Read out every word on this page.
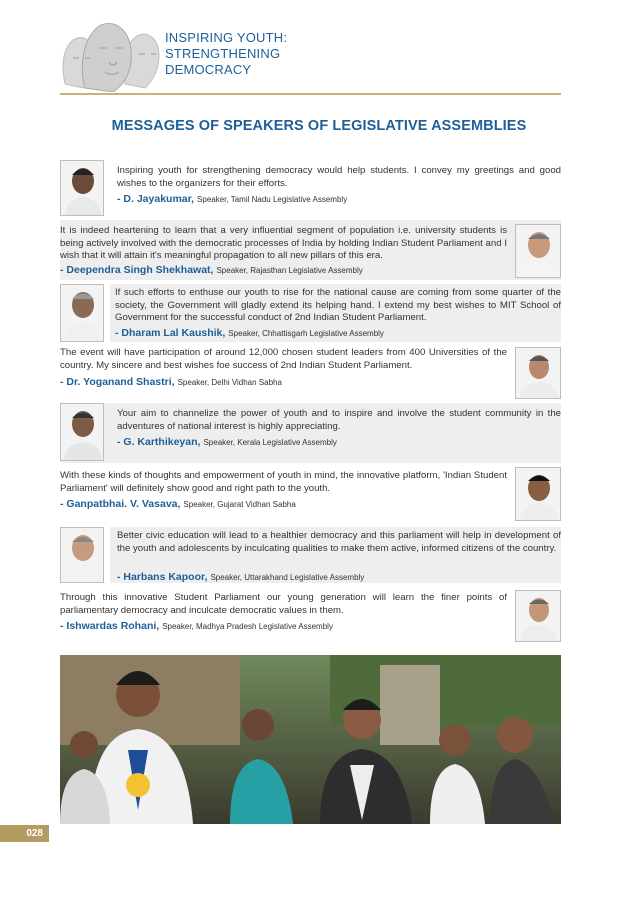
INSPIRING YOUTH:
STRENGTHENING
DEMOCRACY
MESSAGES OF SPEAKERS OF LEGISLATIVE ASSEMBLIES
Inspiring youth for strengthening democracy would help students. I convey my greetings and good wishes to the organizers for their efforts.
- D. Jayakumar, Speaker, Tamil Nadu Legislative Assembly
It is indeed heartening to learn that a very influential segment of population i.e. university students is being actively involved with the democratic processes of India by holding Indian Student Parliament and I wish that it will attain it's meaningful propagation to all new pillars of this era.
- Deependra Singh Shekhawat, Speaker, Rajasthan Legislative Assembly
If such efforts to enthuse our youth to rise for the national cause are coming from some quarter of the society, the Government will gladly extend its helping hand. I extend my best wishes to MIT School of Government for the successful conduct of 2nd Indian Student Parliament.
- Dharam Lal Kaushik, Speaker, Chhattisgarh Legislative Assembly
The event will have participation of around 12,000 chosen student leaders from 400 Universities of the country. My sincere and best wishes foe success of 2nd Indian Student Parliament.
- Dr. Yoganand Shastri, Speaker, Delhi Vidhan Sabha
Your aim to channelize the power of youth and to inspire and involve the student community in the adventures of national interest is highly appreciating.
- G. Karthikeyan, Speaker, Kerala Legislative Assembly
With these kinds of thoughts and empowerment of youth in mind, the innovative platform, 'Indian Student Parliament' will definitely show good and right path to the youth.
- Ganpatbhai. V. Vasava, Speaker, Gujarat Vidhan Sabha
Better civic education will lead to a healthier democracy and this parliament will help in development of the youth and adolescents by inculcating qualities to make them active, informed citizens of the country.
- Harbans Kapoor, Speaker, Uttarakhand Legislative Assembly
Through this innovative Student Parliament our young generation will learn the finer points of parliamentary democracy and inculcate democratic values in them.
- Ishwardas Rohani, Speaker, Madhya Pradesh Legislative Assembly
028
